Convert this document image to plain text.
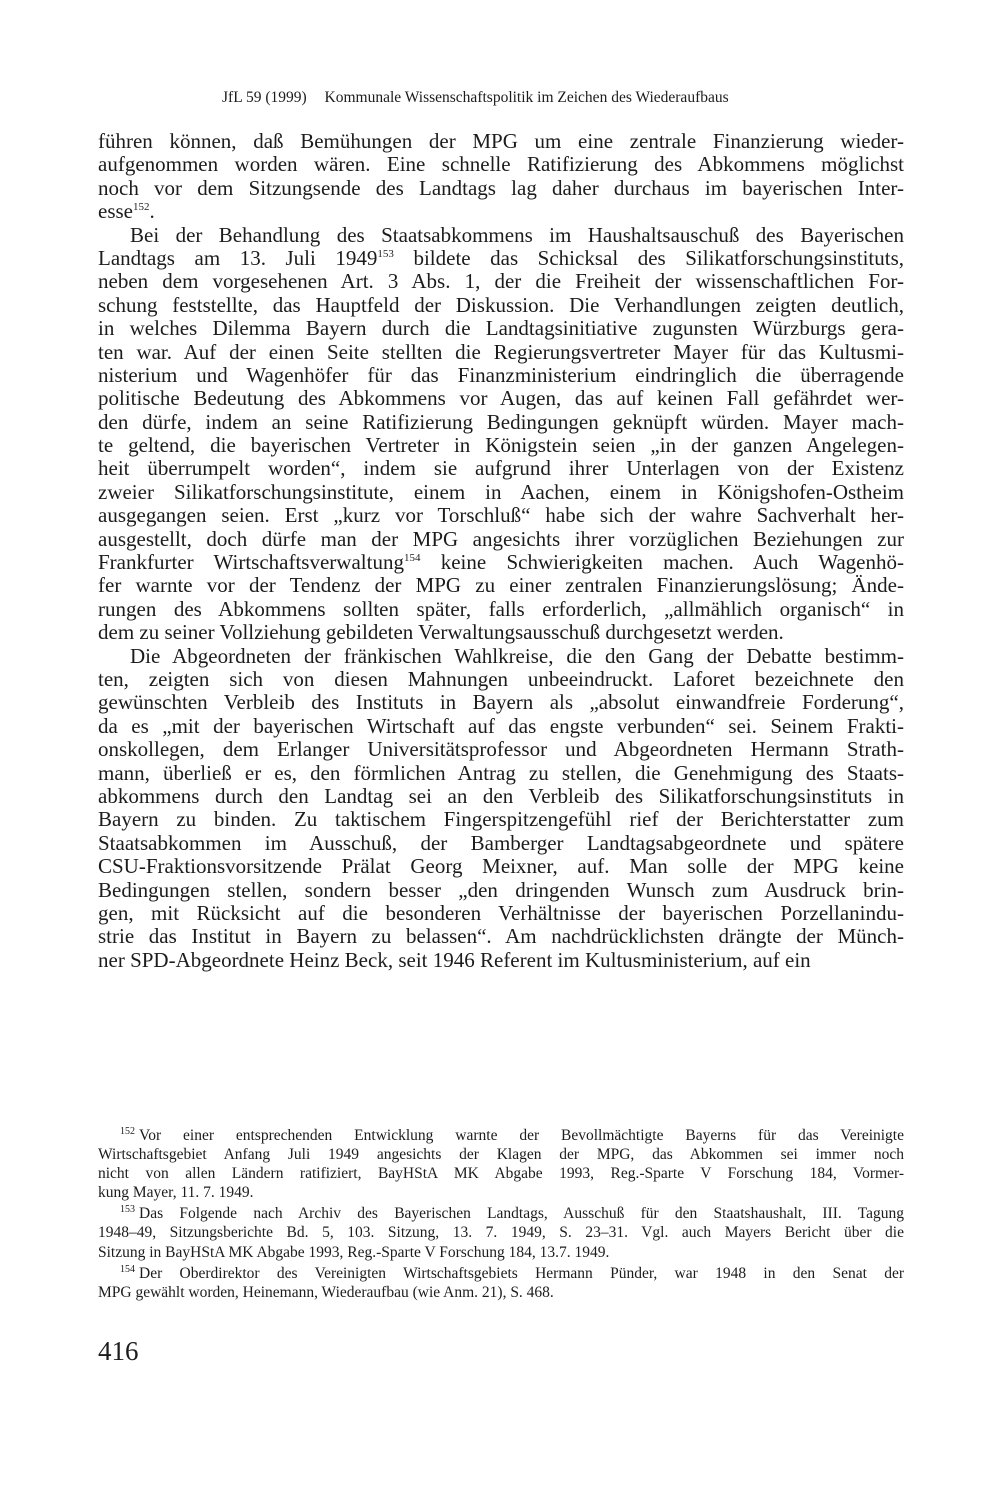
JfL 59 (1999) Kommunale Wissenschaftspolitik im Zeichen des Wiederaufbaus
führen können, daß Bemühungen der MPG um eine zentrale Finanzierung wieder-
aufgenommen worden wären. Eine schnelle Ratifizierung des Abkommens möglichst
noch vor dem Sitzungsende des Landtags lag daher durchaus im bayerischen Inter-
esse$^{152}$.
Bei der Behandlung des Staatsabkommens im Haushaltsauschuß des Bayerischen
Landtags am 13. Juli 1949$^{153}$ bildete das Schicksal des Silikatforschungsinstituts,
neben dem vorgesehenen Art. 3 Abs. 1, der die Freiheit der wissenschaftlichen For-
schung feststellte, das Hauptfeld der Diskussion. Die Verhandlungen zeigten deutlich,
in welches Dilemma Bayern durch die Landtagsinitiative zugunsten Würzburgs gera-
ten war. Auf der einen Seite stellten die Regierungsvertreter Mayer für das Kultusmi-
nisterium und Wagenhöfer für das Finanzministerium eindringlich die überragende
politische Bedeutung des Abkommens vor Augen, das auf keinen Fall gefährdet wer-
den dürfe, indem an seine Ratifizierung Bedingungen geknüpft würden. Mayer mach-
te geltend, die bayerischen Vertreter in Königstein seien „in der ganzen Angelegen-
heit überrumpelt worden“, indem sie aufgrund ihrer Unterlagen von der Existenz
zweier Silikatforschungsinstitute, einem in Aachen, einem in Königshofen-Ostheim
ausgegangen seien. Erst „kurz vor Torschluß“ habe sich der wahre Sachverhalt her-
ausgestellt, doch dürfe man der MPG angesichts ihrer vorzüglichen Beziehungen zur
Frankfurter Wirtschaftsverwaltung$^{154}$ keine Schwierigkeiten machen. Auch Wagenhö-
fer warnte vor der Tendenz der MPG zu einer zentralen Finanzierungslösung; Ände-
rungen des Abkommens sollten später, falls erforderlich, „allmählich organisch“ in
dem zu seiner Vollziehung gebildeten Verwaltungsausschuß durchgesetzt werden.
Die Abgeordneten der fränkischen Wahlkreise, die den Gang der Debatte bestimm-
ten, zeigten sich von diesen Mahnungen unbeeindruckt. Laforet bezeichnete den
gewünschten Verbleib des Instituts in Bayern als „absolut einwandfreie Forderung“,
da es „mit der bayerischen Wirtschaft auf das engste verbunden“ sei. Seinem Frakti-
onskollegen, dem Erlanger Universitätsprofessor und Abgeordneten Hermann Strath-
mann, überließ er es, den förmlichen Antrag zu stellen, die Genehmigung des Staats-
abkommens durch den Landtag sei an den Verbleib des Silikatforschungsinstituts in
Bayern zu binden. Zu taktischem Fingerspitzengefühl rief der Berichterstatter zum
Staatsabkommen im Ausschuß, der Bamberger Landtagsabgeordnete und spätere
CSU-Fraktionsvorsitzende Prälat Georg Meixner, auf. Man solle der MPG keine
Bedingungen stellen, sondern besser „den dringenden Wunsch zum Ausdruck brin-
gen, mit Rücksicht auf die besonderen Verhältnisse der bayerischen Porzellanindu-
strie das Institut in Bayern zu belassen“. Am nachdrücklichsten drängte der Münch-
ner SPD-Abgeordnete Heinz Beck, seit 1946 Referent im Kultusministerium, auf ein
$^{152}$ Vor einer entsprechenden Entwicklung warnte der Bevollmächtigte Bayerns für das Vereinigte
Wirtschaftsgebiet Anfang Juli 1949 angesichts der Klagen der MPG, das Abkommen sei immer noch
nicht von allen Ländern ratifiziert, BayHStA MK Abgabe 1993, Reg.-Sparte V Forschung 184, Vormer-
kung Mayer, 11. 7. 1949.
$^{153}$ Das Folgende nach Archiv des Bayerischen Landtags, Ausschuß für den Staatshaushalt, III. Tagung
1948–49, Sitzungsberichte Bd. 5, 103. Sitzung, 13. 7. 1949, S. 23–31. Vgl. auch Mayers Bericht über die
Sitzung in BayHStA MK Abgabe 1993, Reg.-Sparte V Forschung 184, 13.7. 1949.
$^{154}$ Der Oberdirektor des Vereinigten Wirtschaftsgebiets Hermann Pünder, war 1948 in den Senat der
MPG gewählt worden, Heinemann, Wiederaufbau (wie Anm. 21), S. 468.
416
